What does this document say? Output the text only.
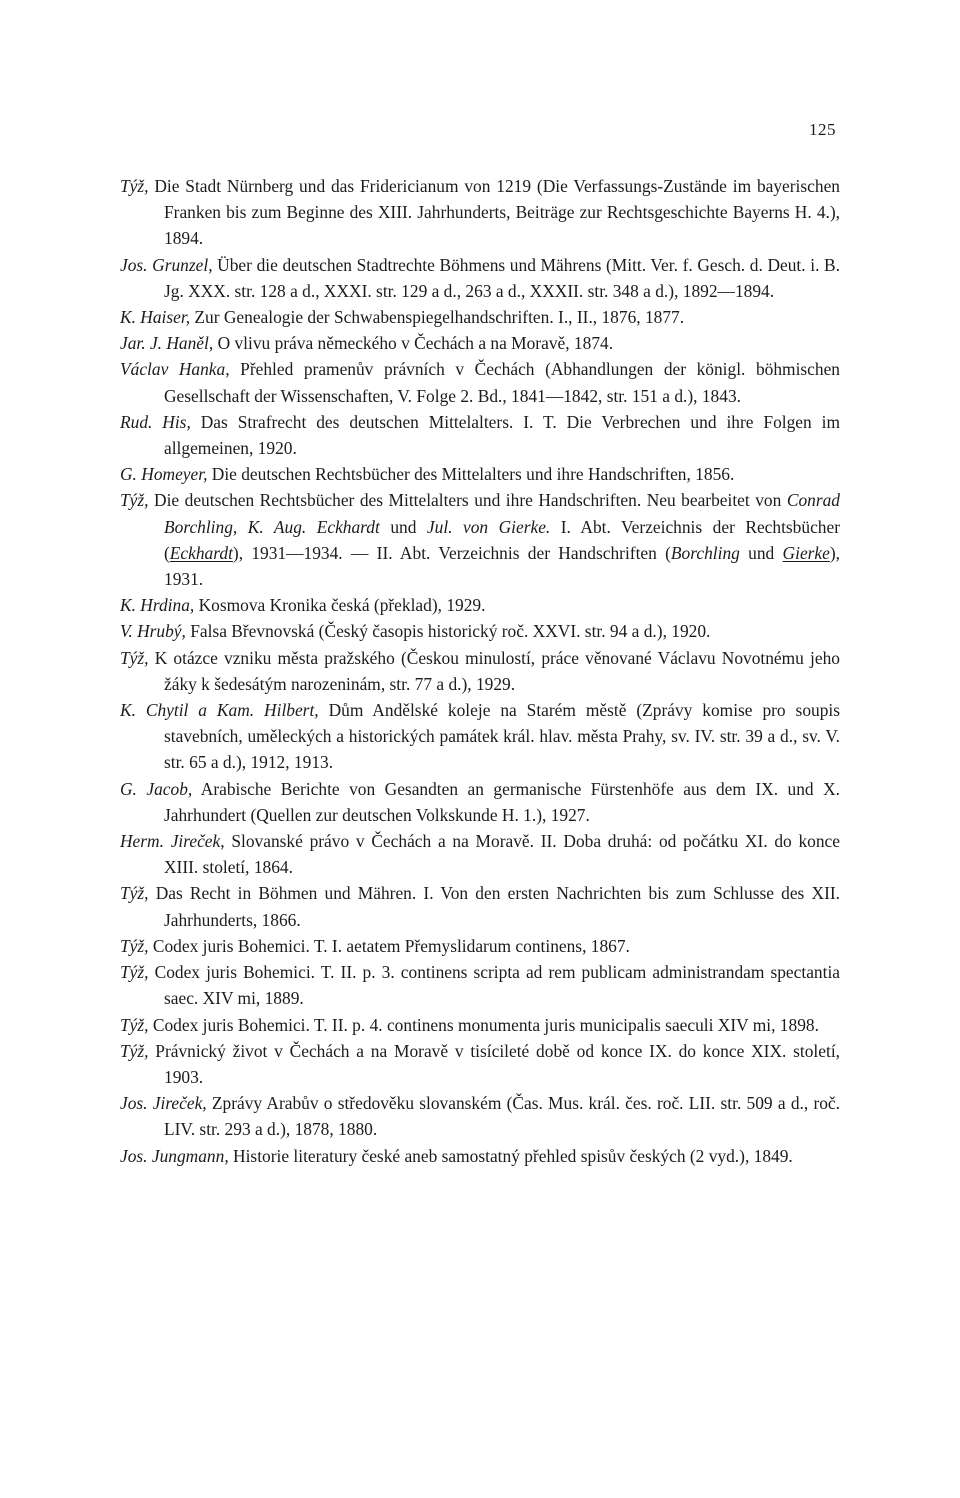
125
Týž, Die Stadt Nürnberg und das Fridericianum von 1219 (Die Verfassungs-Zustände im bayerischen Franken bis zum Beginne des XIII. Jahrhunderts, Beiträge zur Rechtsgeschichte Bayerns H. 4.), 1894.
Jos. Grunzel, Über die deutschen Stadtrechte Böhmens und Mährens (Mitt. Ver. f. Gesch. d. Deut. i. B. Jg. XXX. str. 128 a d., XXXI. str. 129 a d., 263 a d., XXXII. str. 348 a d.), 1892—1894.
K. Haiser, Zur Genealogie der Schwabenspiegelhandschriften. I., II., 1876, 1877.
Jar. J. Haněl, O vlivu práva německého v Čechách a na Moravě, 1874.
Václav Hanka, Přehled pramenův právních v Čechách (Abhandlungen der königl. böhmischen Gesellschaft der Wissenschaften, V. Folge 2. Bd., 1841—1842, str. 151 a d.), 1843.
Rud. His, Das Strafrecht des deutschen Mittelalters. I. T. Die Verbrechen und ihre Folgen im allgemeinen, 1920.
G. Homeyer, Die deutschen Rechtsbücher des Mittelalters und ihre Handschriften, 1856.
Týž, Die deutschen Rechtsbücher des Mittelalters und ihre Handschriften. Neu bearbeitet von Conrad Borchling, K. Aug. Eckhardt und Jul. von Gierke. I. Abt. Verzeichnis der Rechtsbücher (Eckhardt), 1931—1934. — II. Abt. Verzeichnis der Handschriften (Borchling und Gierke), 1931.
K. Hrdina, Kosmova Kronika česká (překlad), 1929.
V. Hrubý, Falsa Břevnovská (Český časopis historický roč. XXVI. str. 94 a d.), 1920.
Týž, K otázce vzniku města pražského (Českou minulostí, práce věnované Václavu Novotnému jeho žáky k šedesátým narozeninám, str. 77 a d.), 1929.
K. Chytil a Kam. Hilbert, Dům Andělské koleje na Starém městě (Zprávy komise pro soupis stavebních, uměleckých a historických památek král. hlav. města Prahy, sv. IV. str. 39 a d., sv. V. str. 65 a d.), 1912, 1913.
G. Jacob, Arabische Berichte von Gesandten an germanische Fürstenhöfe aus dem IX. und X. Jahrhundert (Quellen zur deutschen Volkskunde H. 1.), 1927.
Herm. Jireček, Slovanské právo v Čechách a na Moravě. II. Doba druhá: od počátku XI. do konce XIII. století, 1864.
Týž, Das Recht in Böhmen und Mähren. I. Von den ersten Nachrichten bis zum Schlusse des XII. Jahrhunderts, 1866.
Týž, Codex juris Bohemici. T. I. aetatem Přemyslidarum continens, 1867.
Týž, Codex juris Bohemici. T. II. p. 3. continens scripta ad rem publicam administrandam spectantia saec. XIV mi, 1889.
Týž, Codex juris Bohemici. T. II. p. 4. continens monumenta juris municipalis saeculi XIV mi, 1898.
Týž, Právnický život v Čechách a na Moravě v tisícileté době od konce IX. do konce XIX. století, 1903.
Jos. Jireček, Zprávy Arabův o středověku slovanském (Čas. Mus. král. čes. roč. LII. str. 509 a d., roč. LIV. str. 293 a d.), 1878, 1880.
Jos. Jungmann, Historie literatury české aneb samostatný přehled spisův českých (2 vyd.), 1849.
